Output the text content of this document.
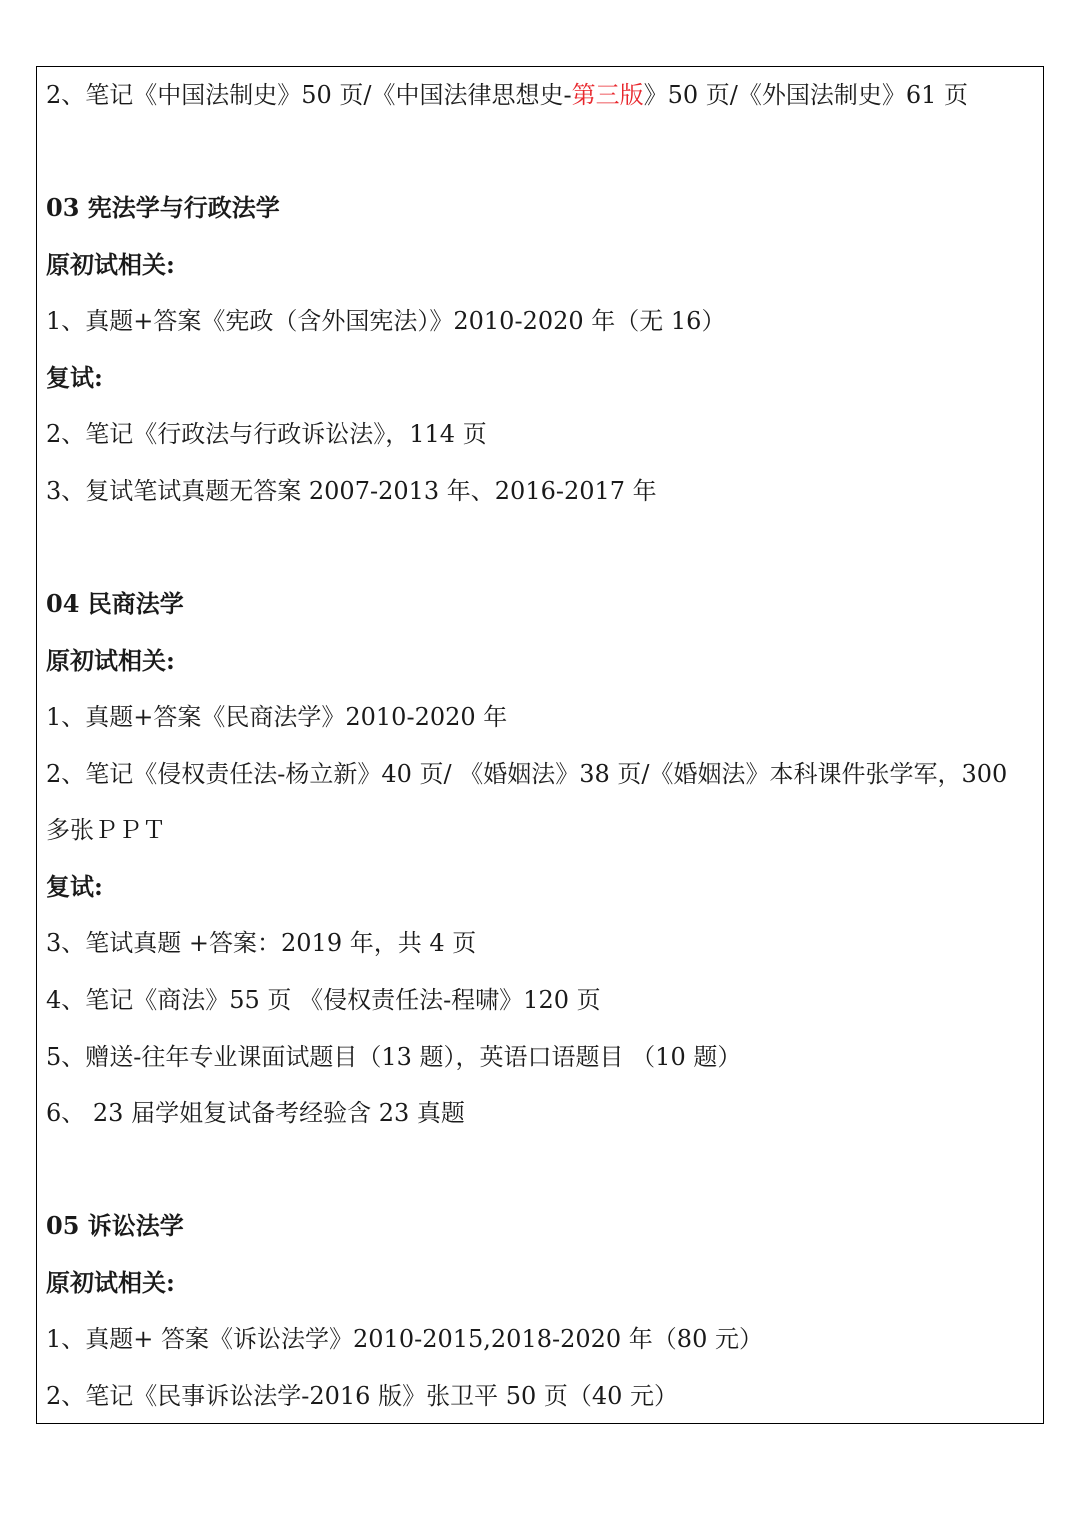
2、笔记《中国法制史》50 页/《中国法律思想史-第三版》50 页/《外国法制史》61 页
03 宪法学与行政法学
原初试相关:
1、真题+答案《宪政（含外国宪法）》2010-2020 年（无 16）
复试:
2、笔记《行政法与行政诉讼法》，114 页
3、复试笔试真题无答案 2007-2013 年、2016-2017 年
04 民商法学
原初试相关:
1、真题+答案《民商法学》2010-2020 年
2、笔记《侵权责任法-杨立新》40 页/ 《婚姻法》38 页/《婚姻法》本科课件张学军，300
多张ＰＰＴ
复试:
3、笔试真题 +答案：2019 年，共 4 页
4、笔记《商法》55 页 《侵权责任法-程啸》120 页
5、赠送-往年专业课面试题目（13 题），英语口语题目 （10 题）
6、 23 届学姐复试备考经验含 23 真题
05 诉讼法学
原初试相关:
1、真题+ 答案《诉讼法学》2010-2015,2018-2020 年（80 元）
2、笔记《民事诉讼法学-2016 版》张卫平 50 页（40 元）
